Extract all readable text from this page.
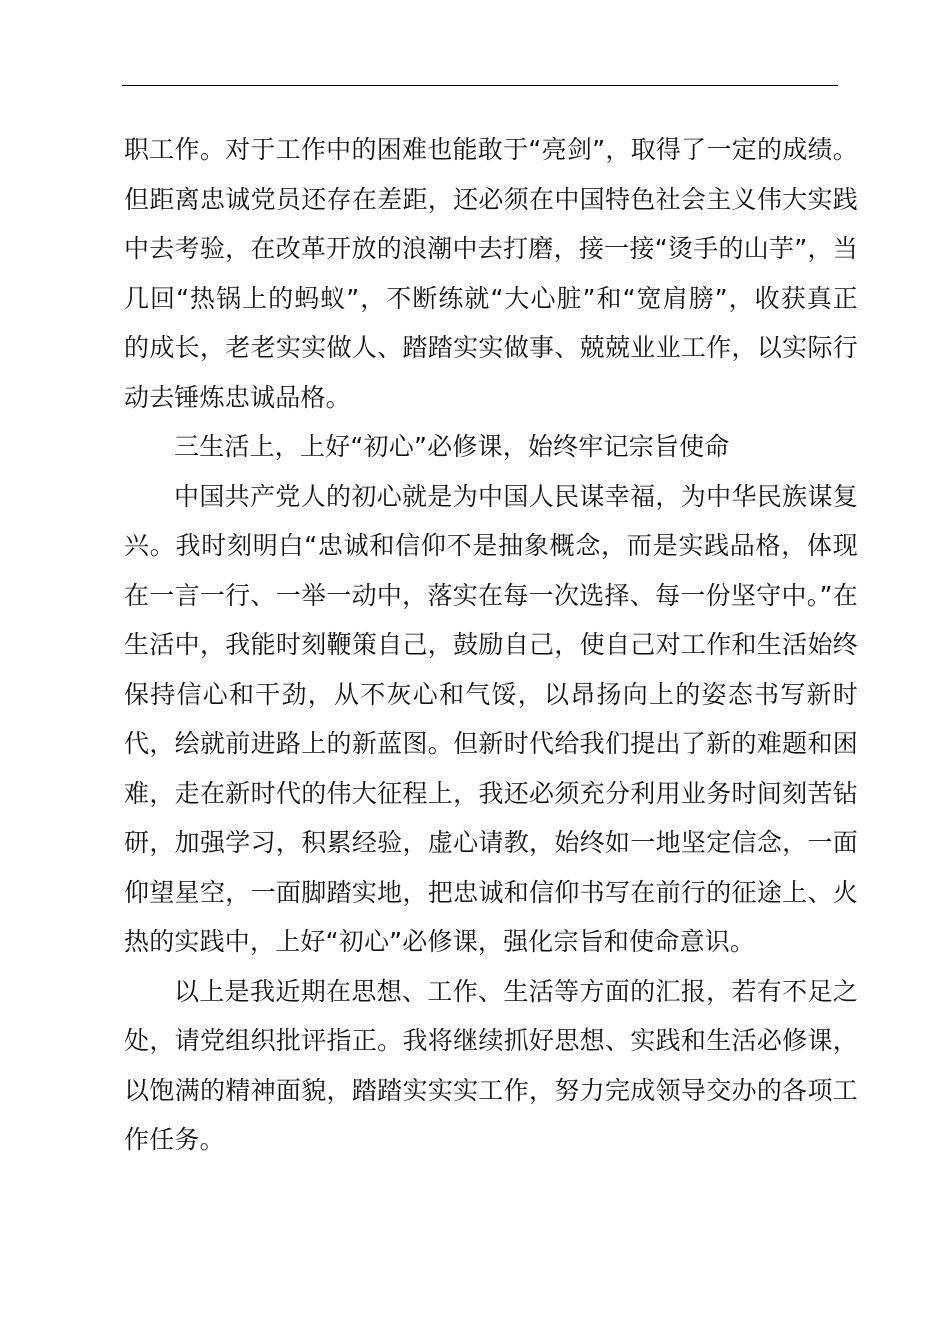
职工作。对于工作中的困难也能敢于“亮剑”，取得了一定的成绩。但距离忠诚党员还存在差距，还必须在中国特色社会主义伟大实践中去考验，在改革开放的浪潮中去打磨，接一接“烫手的山芋”，当几回“热锅上的蚂蚁”，不断练就“大心脏”和“宽肩膀”，收获真正的成长，老老实实做人、踏踏实实做事、兢兢业业工作，以实际行动去锤炼忠诚品格。

三生活上，上好“初心”必修课，始终牢记宗旨使命

中国共产党人的初心就是为中国人民谋幸福，为中华民族谋复兴。我时刻明白“忠诚和信仰不是抽象概念，而是实践品格，体现在一言一行、一举一动中，落实在每一次选择、每一份坚守中。”在生活中，我能时刻鞭策自己，鼓励自己，使自己对工作和生活始终保持信心和干劲，从不灰心和气馁，以昂扬向上的姿态书写新时代，绘就前进路上的新蓝图。但新时代给我们提出了新的难题和困难，走在新时代的伟大征程上，我还必须充分利用业务时间刻苦钻研，加强学习，积累经验，虚心请教，始终如一地坚定信念，一面仰望星空，一面脚踏实地，把忠诚和信仰书写在前行的征途上、火热的实践中，上好“初心”必修课，强化宗旨和使命意识。

以上是我近期在思想、工作、生活等方面的汇报，若有不足之处，请党组织批评指正。我将继续抓好思想、实践和生活必修课，以饱满的精神面貌，踏踏实实实工作，努力完成领导交办的各项工作任务。
